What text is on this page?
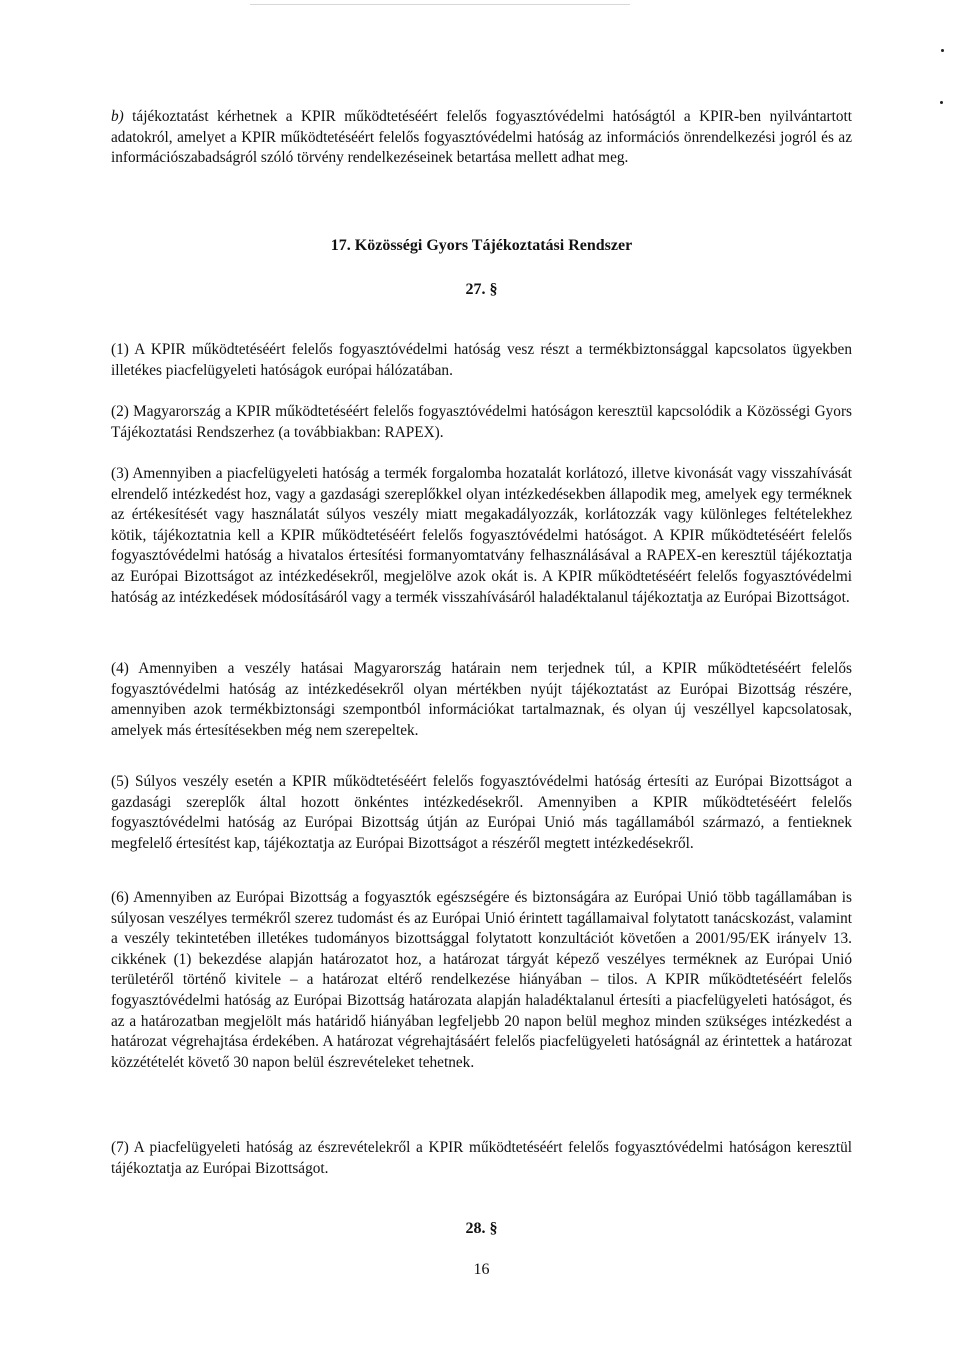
b) tájékoztatást kérhetnek a KPIR működtetéséért felelős fogyasztóvédelmi hatóságtól a KPIR-ben nyilvántartott adatokról, amelyet a KPIR működtetéséért felelős fogyasztóvédelmi hatóság az információs önrendelkezési jogról és az információszabadságról szóló törvény rendelkezéseinek betartása mellett adhat meg.

17. Közösségi Gyors Tájékoztatási Rendszer
27. §

(1) A KPIR működtetéséért felelős fogyasztóvédelmi hatóság vesz részt a termékbiztonsággal kapcsolatos ügyekben illetékes piacfelügyeleti hatóságok európai hálózatában.

(2) Magyarország a KPIR működtetéséért felelős fogyasztóvédelmi hatóságon keresztül kapcsolódik a Közösségi Gyors Tájékoztatási Rendszerhez (a továbbiakban: RAPEX).

(3) Amennyiben a piacfelügyeleti hatóság a termék forgalomba hozatalát korlátozó, illetve kivonását vagy visszahívását elrendelő intézkedést hoz, vagy a gazdasági szereplőkkel olyan intézkedésekben állapodik meg, amelyek egy terméknek az értékesítését vagy használatát súlyos veszély miatt megakadályozzák, korlátozzák vagy különleges feltételekhez kötik, tájékoztatnia kell a KPIR működtetéséért felelős fogyasztóvédelmi hatóságot. A KPIR működtetéséért felelős fogyasztóvédelmi hatóság a hivatalos értesítési formanyomtatvány felhasználásával a RAPEX-en keresztül tájékoztatja az Európai Bizottságot az intézkedésekről, megjelölve azok okát is. A KPIR működtetéséért felelős fogyasztóvédelmi hatóság az intézkedések módosításáról vagy a termék visszahívásáról haladéktalanul tájékoztatja az Európai Bizottságot.

(4) Amennyiben a veszély hatásai Magyarország határain nem terjednek túl, a KPIR működtetéséért felelős fogyasztóvédelmi hatóság az intézkedésekről olyan mértékben nyújt tájékoztatást az Európai Bizottság részére, amennyiben azok termékbiztonsági szempontból információkat tartalmaznak, és olyan új veszéllyel kapcsolatosak, amelyek más értesítésekben még nem szerepeltek.

(5) Súlyos veszély esetén a KPIR működtetéséért felelős fogyasztóvédelmi hatóság értesíti az Európai Bizottságot a gazdasági szereplők által hozott önkéntes intézkedésekről. Amennyiben a KPIR működtetéséért felelős fogyasztóvédelmi hatóság az Európai Bizottság útján az Európai Unió más tagállamából származó, a fentieknek megfelelő értesítést kap, tájékoztatja az Európai Bizottságot a részéről megtett intézkedésekről.

(6) Amennyiben az Európai Bizottság a fogyasztók egészségére és biztonságára az Európai Unió több tagállamában is súlyosan veszélyes termékről szerez tudomást és az Európai Unió érintett tagállamaival folytatott tanácskozást, valamint a veszély tekintetében illetékes tudományos bizottsággal folytatott konzultációt követően a 2001/95/EK irányelv 13. cikkének (1) bekezdése alapján határozatot hoz, a határozat tárgyát képező veszélyes terméknek az Európai Unió területéről történő kivitele – a határozat eltérő rendelkezése hiányában – tilos. A KPIR működtetéséért felelős fogyasztóvédelmi hatóság az Európai Bizottság határozata alapján haladéktalanul értesíti a piacfelügyeleti hatóságot, és az a határozatban megjelölt más határidő hiányában legfeljebb 20 napon belül meghoz minden szükséges intézkedést a határozat végrehajtása érdekében. A határozat végrehajtásáért felelős piacfelügyeleti hatóságnál az érintettek a határozat közzétételét követő 30 napon belül észrevételeket tehetnek.

(7) A piacfelügyeleti hatóság az észrevételekről a KPIR működtetéséért felelős fogyasztóvédelmi hatóságon keresztül tájékoztatja az Európai Bizottságot.

28. §
16
